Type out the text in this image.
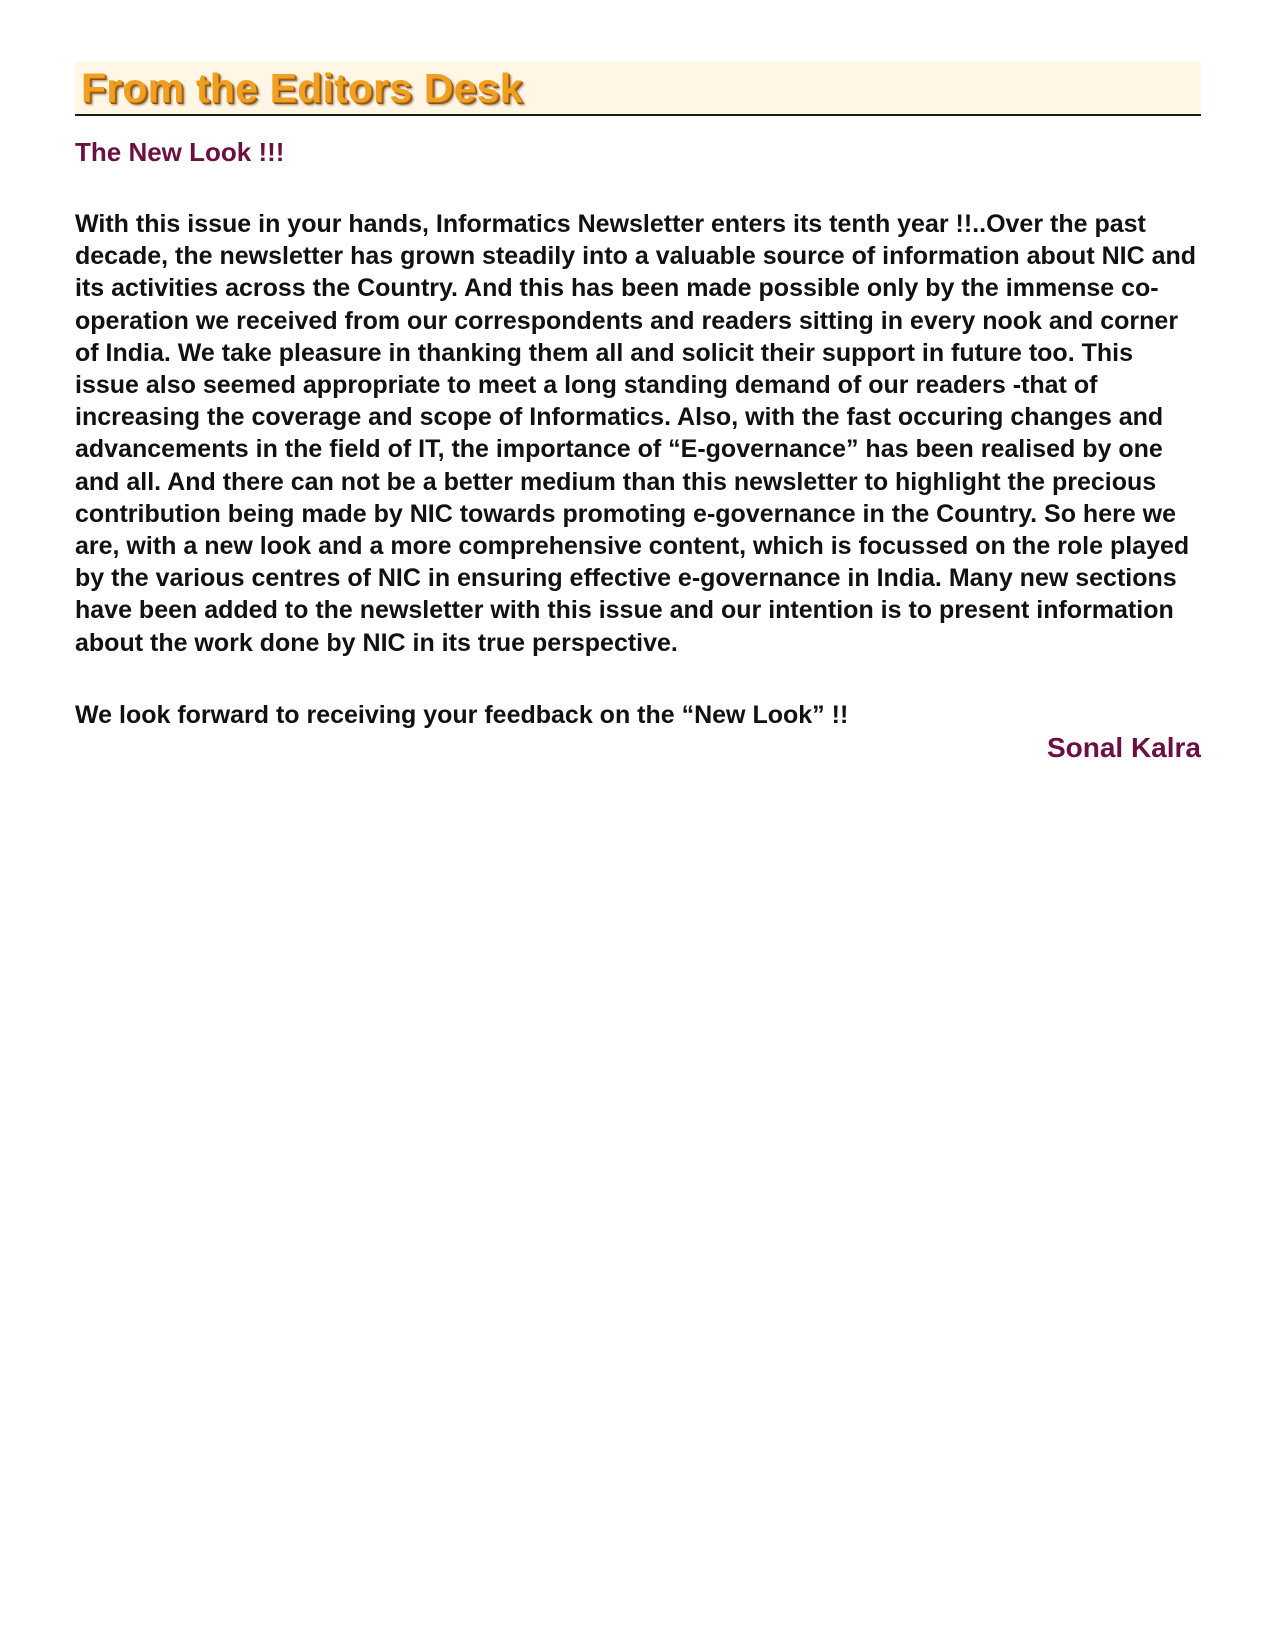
From the Editors Desk
The New Look !!!

With this issue in your hands, Informatics Newsletter enters its tenth year !!..Over the past decade, the newsletter has grown steadily into a valuable source of information about NIC and its activities across the Country. And this has been made possible only by the immense co-operation we received from our correspondents and readers sitting in every nook and corner of India. We take pleasure in thanking them all and solicit their support in future too. This issue also seemed appropriate to meet a long standing demand of our readers -that of increasing the coverage and scope of Informatics. Also, with the fast occuring changes and advancements in the field of IT, the importance of “E-governance” has been realised by one and all. And there can not be a better medium than this newsletter to highlight the precious contribution being made by NIC towards promoting e-governance in the Country. So here we are, with a new look and a more comprehensive content, which is focussed on the role played by the various centres of NIC in ensuring effective e-governance in India. Many new sections have been added to the newsletter with this issue and our intention is to present information about the work done by NIC in its true perspective.

We look forward to receiving your feedback on the “New Look” !!

Sonal Kalra
